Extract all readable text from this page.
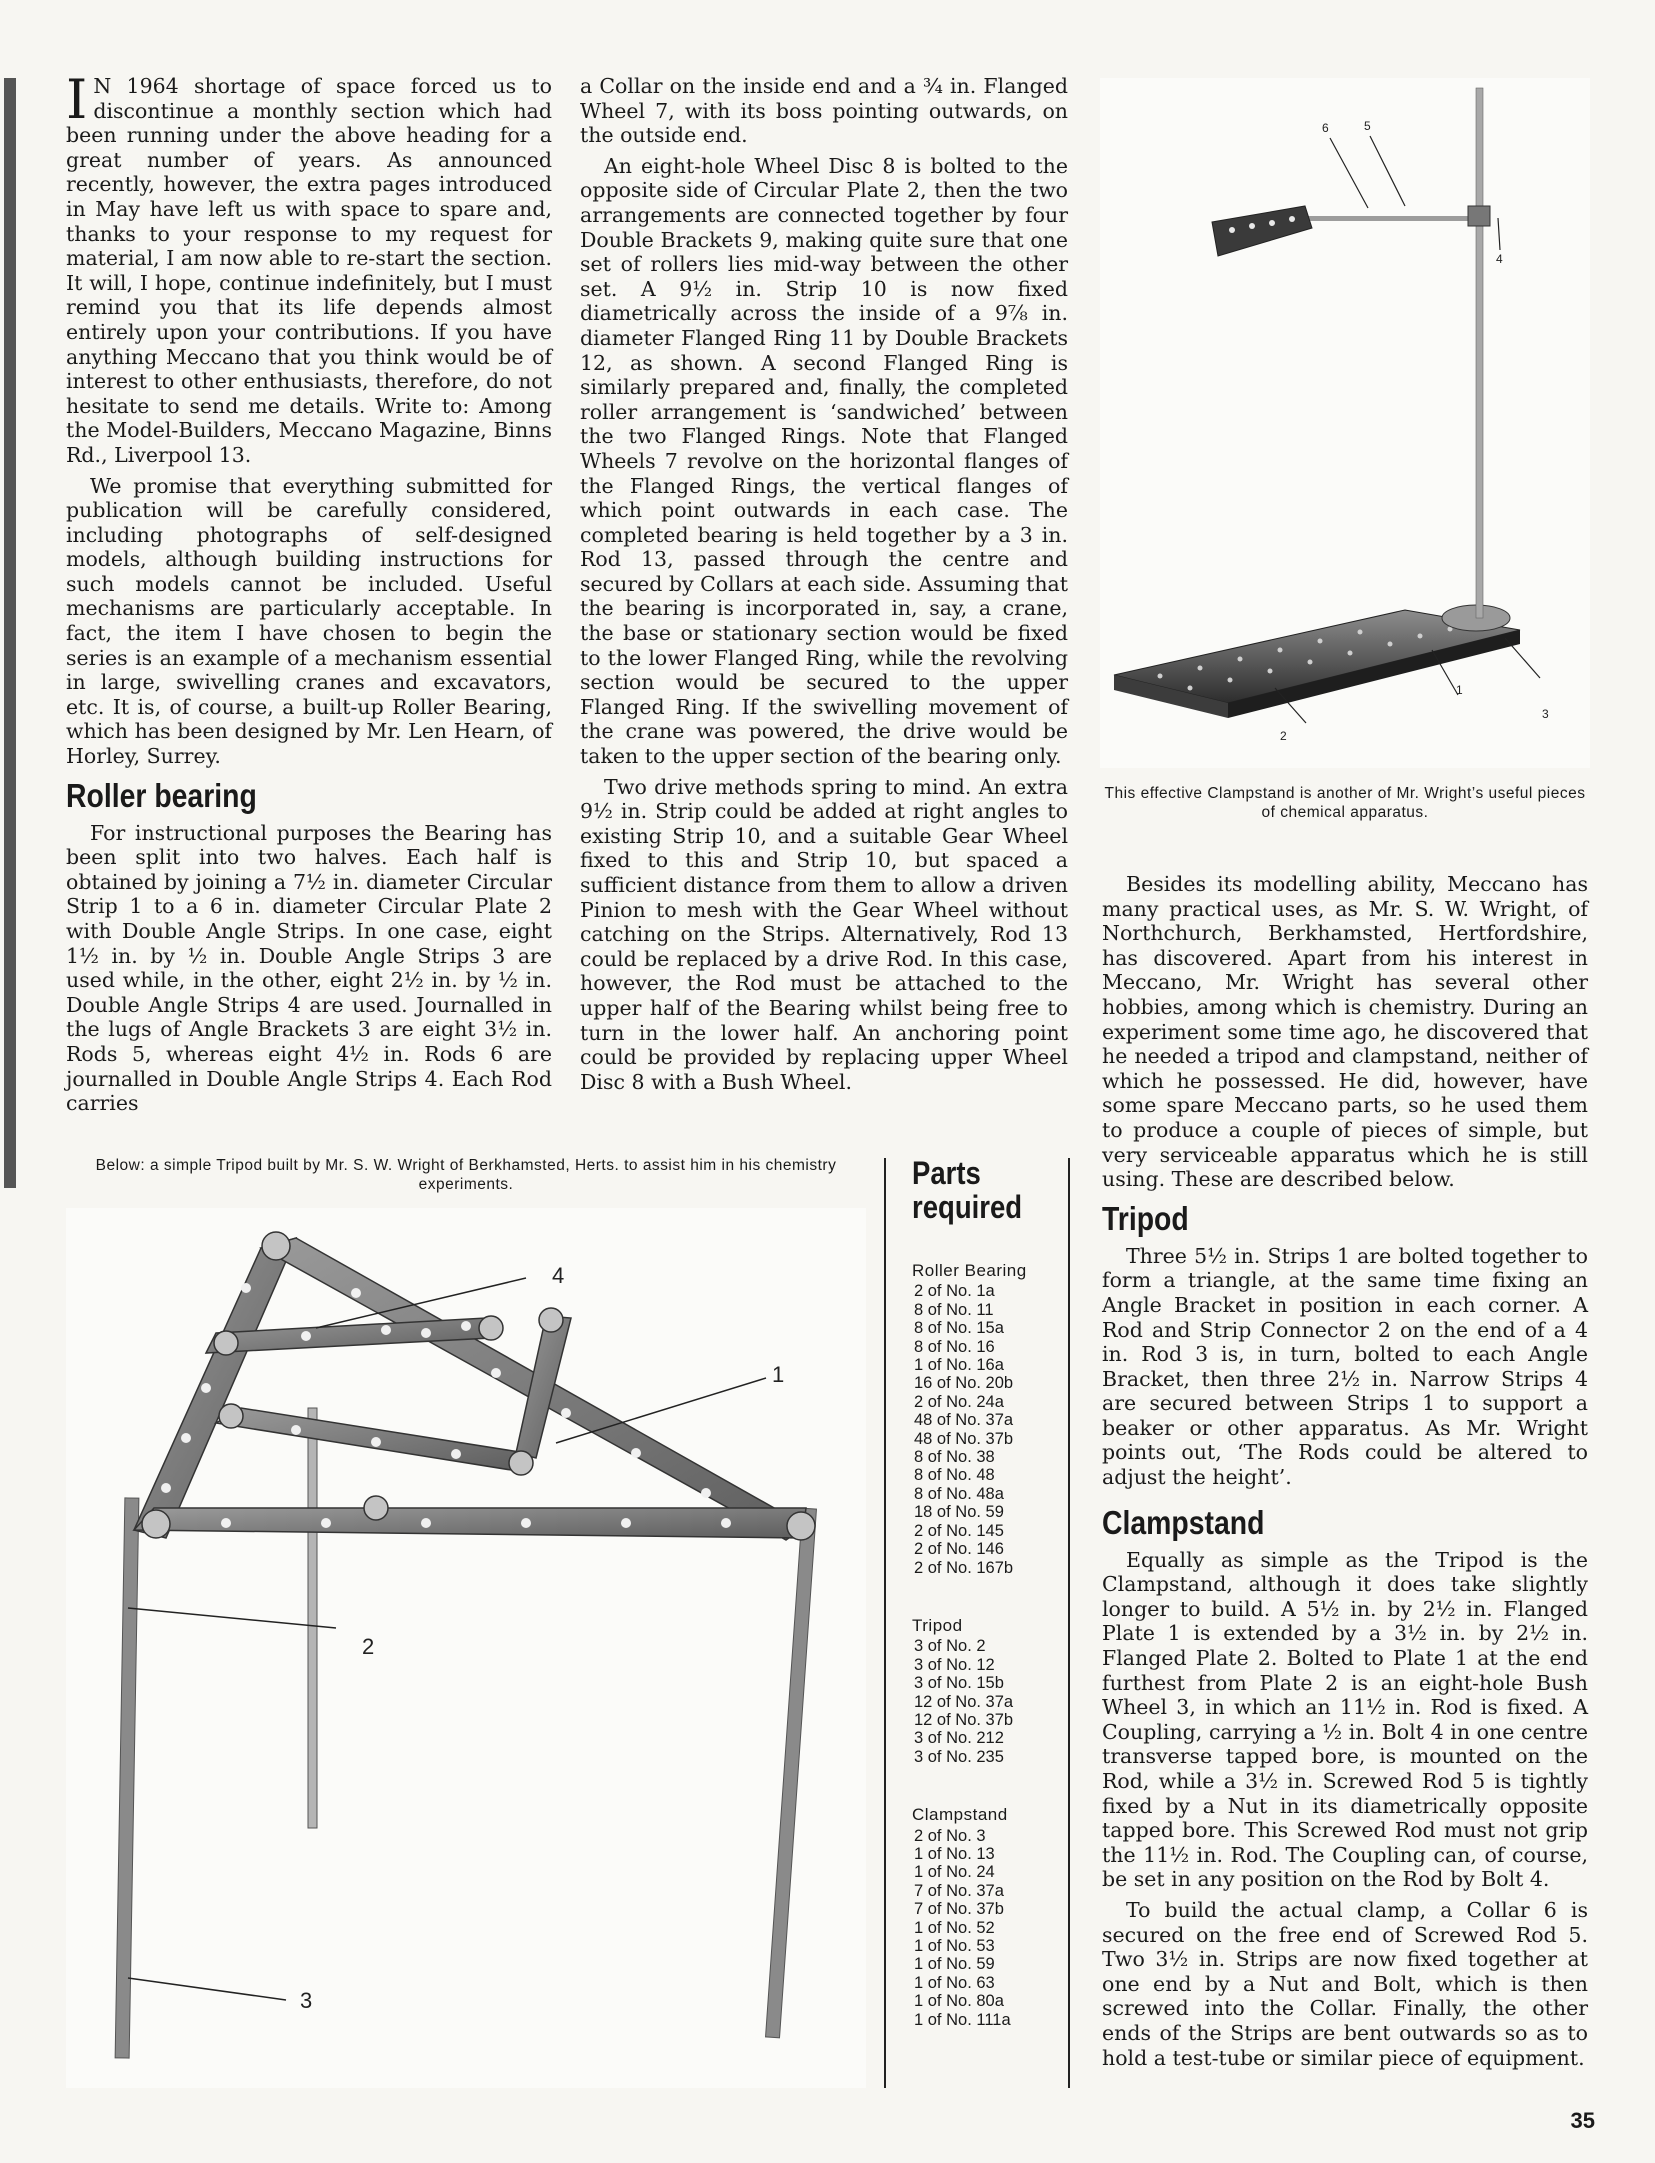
I N 1964 shortage of space forced us to discontinue a monthly section which had been running under the above heading for a great number of years. As announced recently, however, the extra pages introduced in May have left us with space to spare and, thanks to your response to my request for material, I am now able to re-start the section. It will, I hope, continue indefinitely, but I must remind you that its life depends almost entirely upon your contributions. If you have anything Meccano that you think would be of interest to other enthusiasts, therefore, do not hesitate to send me details. Write to: Among the Model-Builders, Meccano Magazine, Binns Rd., Liverpool 13.

We promise that everything submitted for publication will be carefully considered, including photographs of self-designed models, although building instructions for such models cannot be included. Useful mechanisms are particularly acceptable. In fact, the item I have chosen to begin the series is an example of a mechanism essential in large, swivelling cranes and excavators, etc. It is, of course, a built-up Roller Bearing, which has been designed by Mr. Len Hearn, of Horley, Surrey.

Roller bearing

For instructional purposes the Bearing has been split into two halves. Each half is obtained by joining a 7½ in. diameter Circular Strip 1 to a 6 in. diameter Circular Plate 2 with Double Angle Strips. In one case, eight 1½ in. by ½ in. Double Angle Strips 3 are used while, in the other, eight 2½ in. by ½ in. Double Angle Strips 4 are used. Journalled in the lugs of Angle Brackets 3 are eight 3½ in. Rods 5, whereas eight 4½ in. Rods 6 are journalled in Double Angle Strips 4. Each Rod carries

a Collar on the inside end and a ¾ in. Flanged Wheel 7, with its boss pointing outwards, on the outside end.

An eight-hole Wheel Disc 8 is bolted to the opposite side of Circular Plate 2, then the two arrangements are connected together by four Double Brackets 9, making quite sure that one set of rollers lies mid-way between the other set. A 9½ in. Strip 10 is now fixed diametrically across the inside of a 9⅞ in. diameter Flanged Ring 11 by Double Brackets 12, as shown. A second Flanged Ring is similarly prepared and, finally, the completed roller arrangement is ‘sandwiched’ between the two Flanged Rings. Note that Flanged Wheels 7 revolve on the horizontal flanges of the Flanged Rings, the vertical flanges of which point outwards in each case. The completed bearing is held together by a 3 in. Rod 13, passed through the centre and secured by Collars at each side. Assuming that the bearing is incorporated in, say, a crane, the base or stationary section would be fixed to the lower Flanged Ring, while the revolving section would be secured to the upper Flanged Ring. If the swivelling movement of the crane was powered, the drive would be taken to the upper section of the bearing only.

Two drive methods spring to mind. An extra 9½ in. Strip could be added at right angles to existing Strip 10, and a suitable Gear Wheel fixed to this and Strip 10, but spaced a sufficient distance from them to allow a driven Pinion to mesh with the Gear Wheel without catching on the Strips. Alternatively, Rod 13 could be replaced by a drive Rod. In this case, however, the Rod must be attached to the upper half of the Bearing whilst being free to turn in the lower half. An anchoring point could be provided by replacing upper Wheel Disc 8 with a Bush Wheel.

6	5
4
2
1
3
This effective Clampstand is another of Mr. Wright’s useful pieces of chemical apparatus.

Besides its modelling ability, Meccano has many practical uses, as Mr. S. W. Wright, of Northchurch, Berkhamsted, Hertfordshire, has discovered. Apart from his interest in Meccano, Mr. Wright has several other hobbies, among which is chemistry. During an experiment some time ago, he discovered that he needed a tripod and clampstand, neither of which he possessed. He did, however, have some spare Meccano parts, so he used them to produce a couple of pieces of simple, but very serviceable apparatus which he is still using. These are described below.

Tripod

Three 5½ in. Strips 1 are bolted together to form a triangle, at the same time fixing an Angle Bracket in position in each corner. A Rod and Strip Connector 2 on the end of a 4 in. Rod 3 is, in turn, bolted to each Angle Bracket, then three 2½ in. Narrow Strips 4 are secured between Strips 1 to support a beaker or other apparatus. As Mr. Wright points out, ‘The Rods could be altered to adjust the height’.

Clampstand

Equally as simple as the Tripod is the Clampstand, although it does take slightly longer to build. A 5½ in. by 2½ in. Flanged Plate 1 is extended by a 3½ in. by 2½ in. Flanged Plate 2. Bolted to Plate 1 at the end furthest from Plate 2 is an eight-hole Bush Wheel 3, in which an 11½ in. Rod is fixed. A Coupling, carrying a ½ in. Bolt 4 in one centre transverse tapped bore, is mounted on the Rod, while a 3½ in. Screwed Rod 5 is tightly fixed by a Nut in its diametrically opposite tapped bore. This Screwed Rod must not grip the 11½ in. Rod. The Coupling can, of course, be set in any position on the Rod by Bolt 4.

To build the actual clamp, a Collar 6 is secured on the free end of Screwed Rod 5. Two 3½ in. Strips are now fixed together at one end by a Nut and Bolt, which is then screwed into the Collar. Finally, the other ends of the Strips are bent outwards so as to hold a test-tube or similar piece of equipment.

Below: a simple Tripod built by Mr. S. W. Wright of Berkhamsted, Herts. to assist him in his chemistry experiments.
4
1
2
3
Parts
required
Roller Bearing
2 of No. 1a
8 of No. 11
8 of No. 15a
8 of No. 16
1 of No. 16a
16 of No. 20b
2 of No. 24a
48 of No. 37a
48 of No. 37b
8 of No. 38
8 of No. 48
8 of No. 48a
18 of No. 59
2 of No. 145
2 of No. 146
2 of No. 167b
Tripod
3 of No. 2
3 of No. 12
3 of No. 15b
12 of No. 37a
12 of No. 37b
3 of No. 212
3 of No. 235
Clampstand
2 of No. 3
1 of No. 13
1 of No. 24
7 of No. 37a
7 of No. 37b
1 of No. 52
1 of No. 53
1 of No. 59
1 of No. 63
1 of No. 80a
1 of No. 111a
35
